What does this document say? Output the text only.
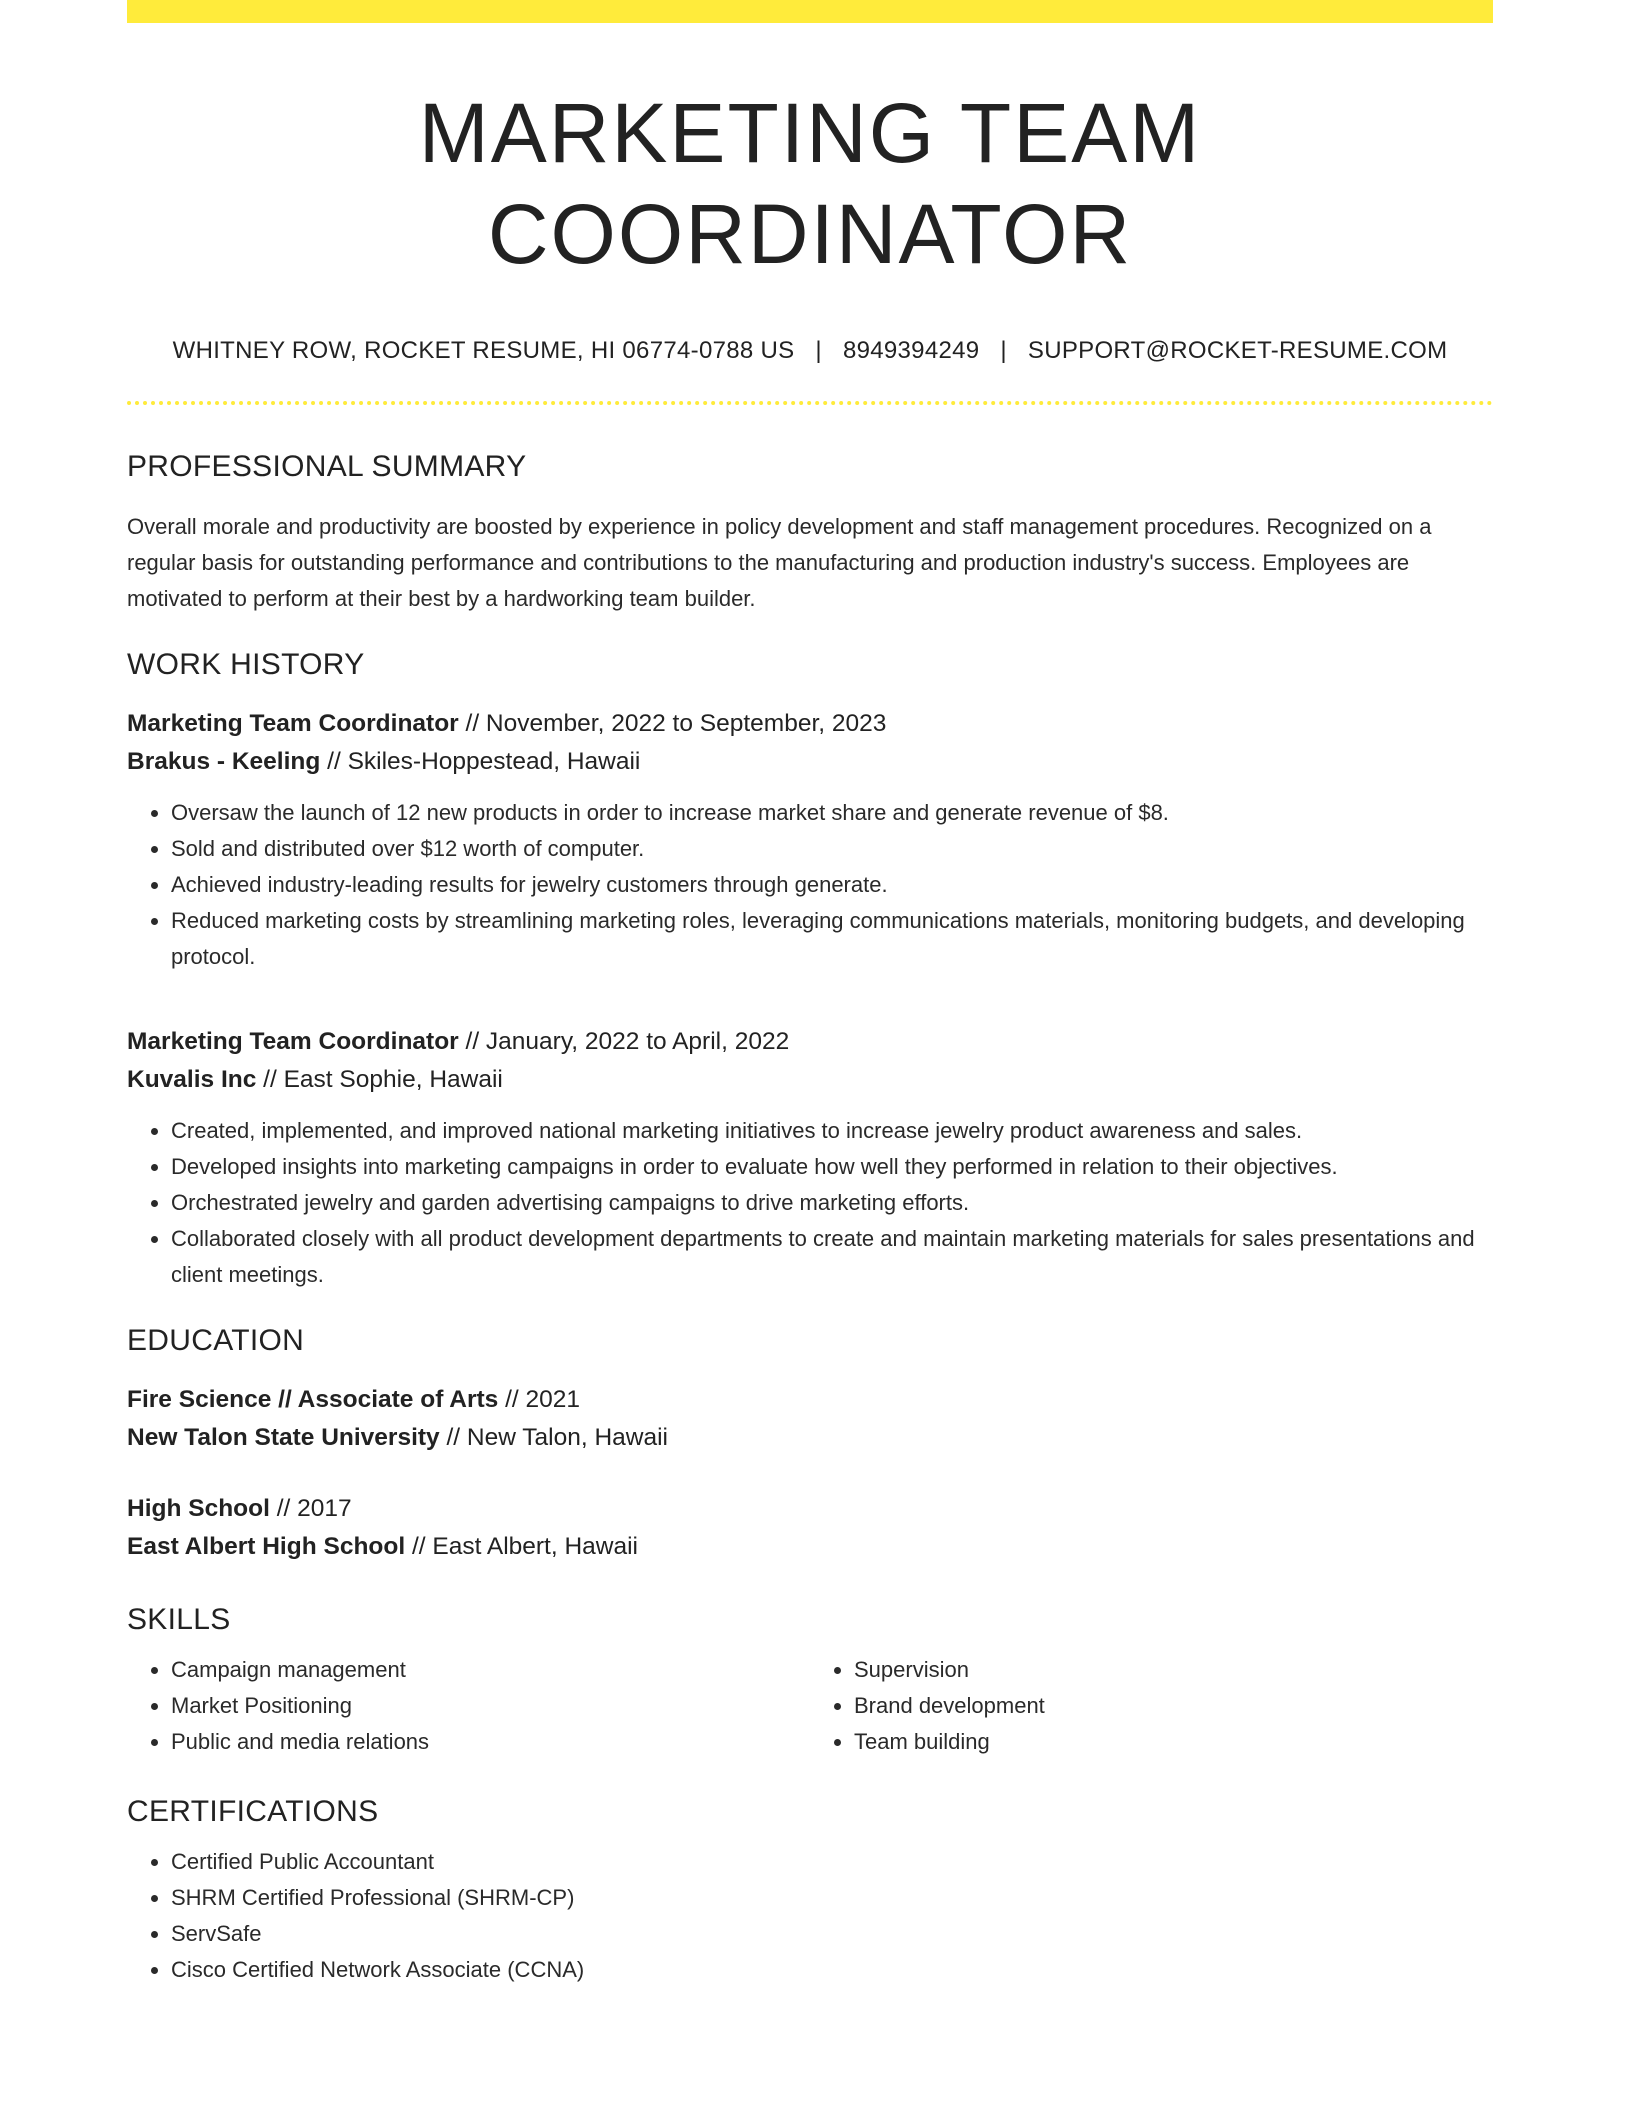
MARKETING TEAM COORDINATOR
WHITNEY ROW, ROCKET RESUME, HI 06774-0788 US | 8949394249 | SUPPORT@ROCKET-RESUME.COM
PROFESSIONAL SUMMARY
Overall morale and productivity are boosted by experience in policy development and staff management procedures. Recognized on a regular basis for outstanding performance and contributions to the manufacturing and production industry's success. Employees are motivated to perform at their best by a hardworking team builder.
WORK HISTORY
Marketing Team Coordinator // November, 2022 to September, 2023
Brakus - Keeling // Skiles-Hoppestead, Hawaii
• Oversaw the launch of 12 new products in order to increase market share and generate revenue of $8.
• Sold and distributed over $12 worth of computer.
• Achieved industry-leading results for jewelry customers through generate.
• Reduced marketing costs by streamlining marketing roles, leveraging communications materials, monitoring budgets, and developing protocol.
Marketing Team Coordinator // January, 2022 to April, 2022
Kuvalis Inc // East Sophie, Hawaii
• Created, implemented, and improved national marketing initiatives to increase jewelry product awareness and sales.
• Developed insights into marketing campaigns in order to evaluate how well they performed in relation to their objectives.
• Orchestrated jewelry and garden advertising campaigns to drive marketing efforts.
• Collaborated closely with all product development departments to create and maintain marketing materials for sales presentations and client meetings.
EDUCATION
Fire Science // Associate of Arts // 2021
New Talon State University // New Talon, Hawaii
High School // 2017
East Albert High School // East Albert, Hawaii
SKILLS
• Campaign management
• Market Positioning
• Public and media relations
• Supervision
• Brand development
• Team building
CERTIFICATIONS
• Certified Public Accountant
• SHRM Certified Professional (SHRM-CP)
• ServSafe
• Cisco Certified Network Associate (CCNA)
